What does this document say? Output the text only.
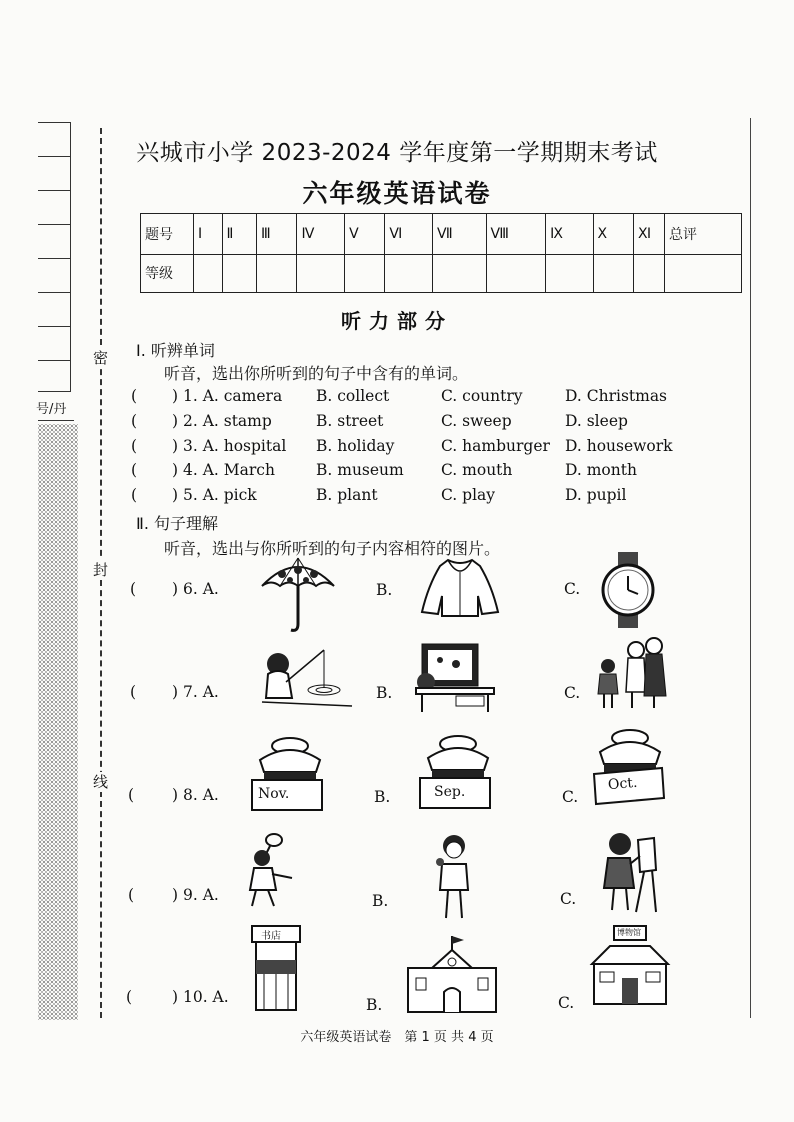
号/丹
密
封
线
兴城市小学 2023-2024 学年度第一学期期末考试
六年级英语试卷
题号	Ⅰ	Ⅱ	Ⅲ	Ⅳ	Ⅴ	Ⅵ	Ⅶ	Ⅷ	Ⅸ	Ⅹ	Ⅺ	总评
等级												
听力部分
Ⅰ. 听辨单词
听音，选出你所听到的句子中含有的单词。
( ) 1. A. camera B. collect	C. country	D. Christmas
( ) 2. A. stamp	B. street	C. sweep	D. sleep
( ) 3. A. hospital B. holiday	C. hamburger D. housework
( ) 4. A. March	B. museum C. mouth	D. month
( ) 5. A. pick	B. plant	C. play	D. pupil
Ⅱ. 句子理解
听音，选出与你所听到的句子内容相符的图片。
( ) 6. A.	B.	C.
( ) 7. A.	B.	C.
( ) 8. A.	B.	C.
Nov.	Sep.	Oct.
( ) 9. A.	B.	C.
(	) 10. A.	B.	C.
书店	博物馆
六年级英语试卷　第 1 页 共 4 页
